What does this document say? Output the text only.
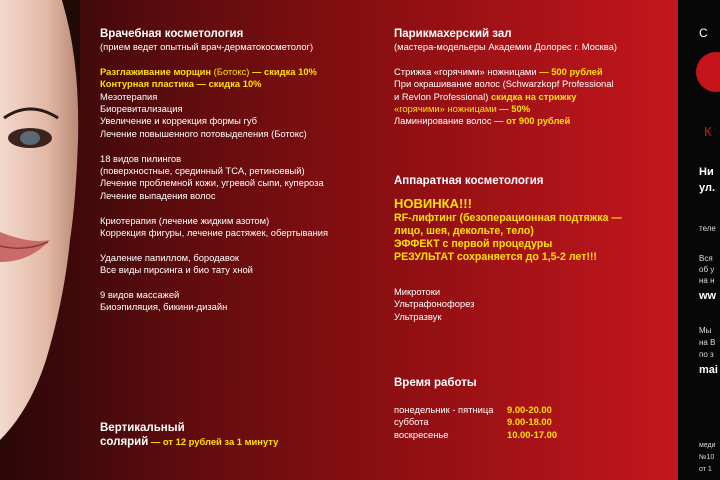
Врачебная косметология
(прием ведет опытный врач-дерматокосметолог)
Разглаживание морщин (Ботокс) — скидка 10%
Контурная пластика — скидка 10%
Мезотерапия
Биоревитализация
Увеличение и коррекция формы губ
Лечение повышенного потовыделения (Ботокс)
18 видов пилингов
(поверхностные, срединный ТСА, ретиноевый)
Лечение проблемной кожи, угревой сыпи, купероза
Лечение выпадения волос
Криотерапия (лечение жидким азотом)
Коррекция фигуры, лечение растяжек, обертывания
Удаление папиллом, бородавок
Все виды пирсинга и био тату хной
9 видов массажей
Биоэпиляция, бикини-дизайн
Вертикальный
солярий — от 12 рублей за 1 минуту
Парикмахерский зал
(мастера-модельеры Академии Долорес г. Москва)
Стрижка «горячими» ножницами — 500 рублей
При окрашивание волос (Schwarzkopf Professional
и Revlon Professional) скидка на стрижку
«горячими» ножницами — 50%
Ламинирование волос — от 900 рублей
Аппаратная косметология
НОВИНКА!!!
RF-лифтинг (безоперационная подтяжка —
лицо, шея, декольте, тело)
ЭФФЕКТ с первой процедуры
РЕЗУЛЬТАТ сохраняется до 1,5-2 лет!!!
Микротоки
Ультрафонофорез
Ультразвук
Время работы
понедельник - пятница	9.00-20.00
суббота	9.00-18.00
воскресенье	10.00-17.00
С
К
Ни
ул.
теле
Вся
об у
на н
ww
Мы
на В
по з
mai
меди
№10
от 1
